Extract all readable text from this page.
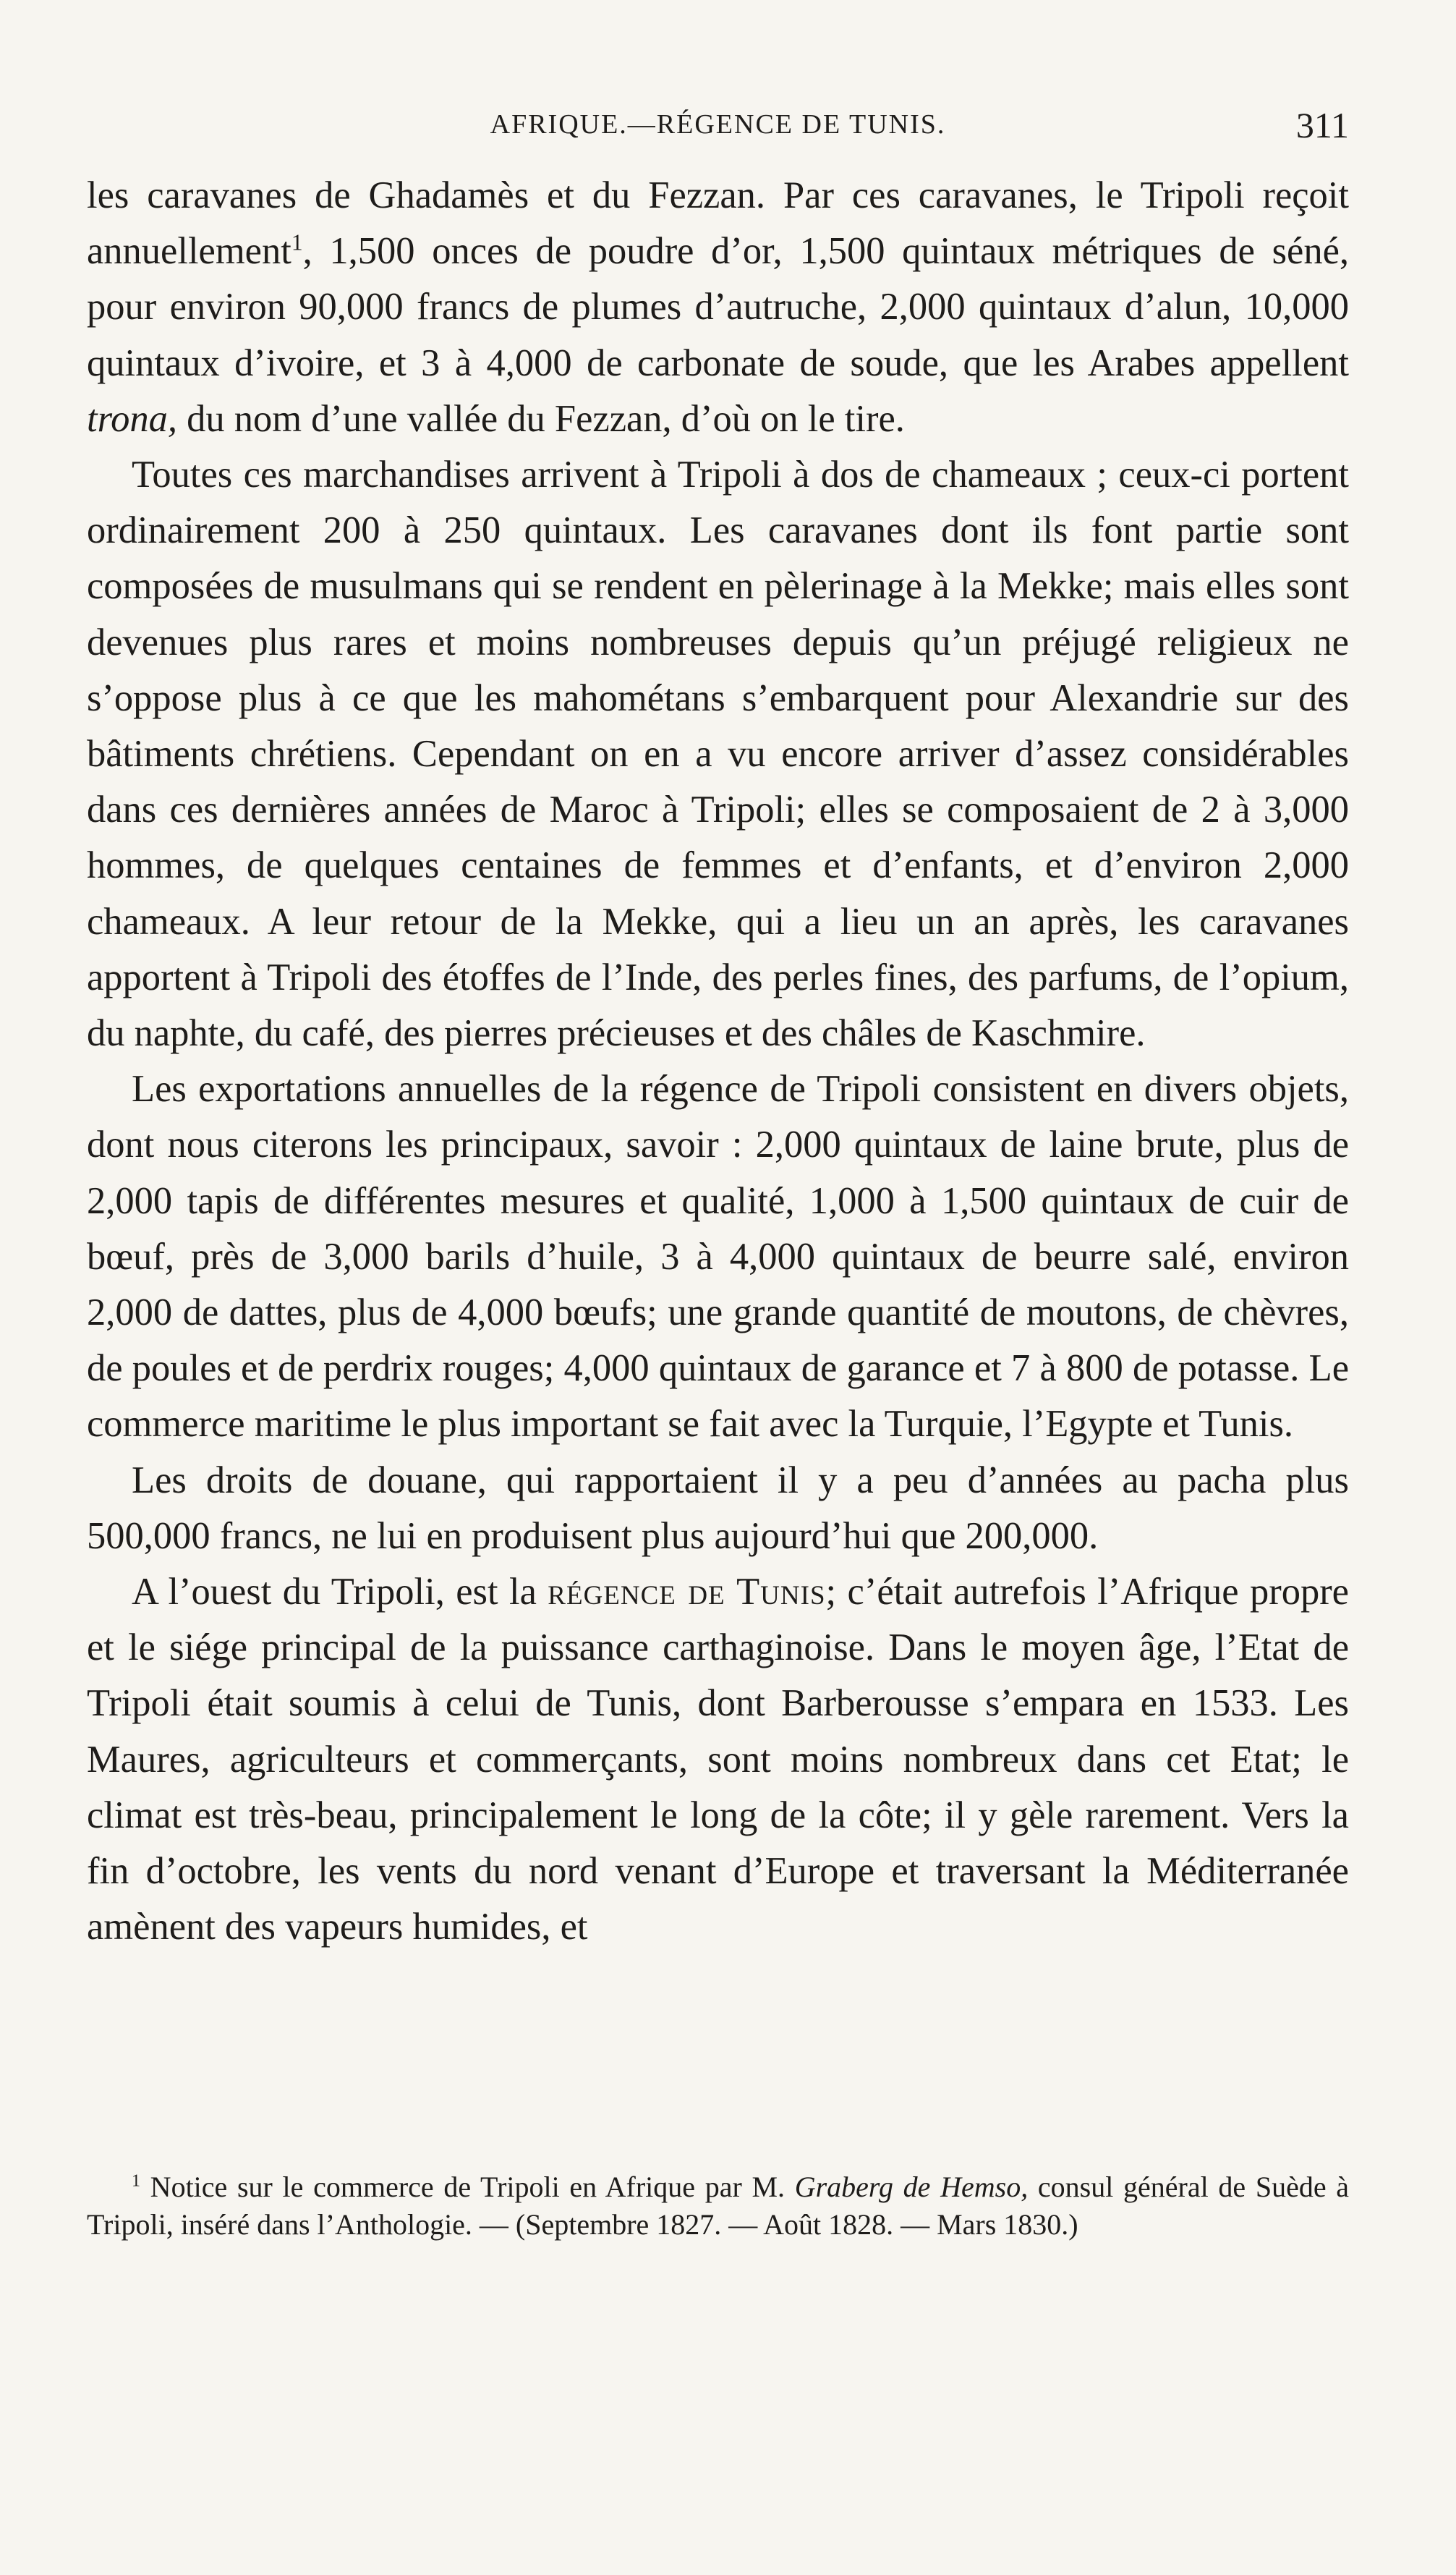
AFRIQUE.—RÉGENCE DE TUNIS.	311

les caravanes de Ghadamès et du Fezzan. Par ces caravanes, le Tripoli reçoit annuellement$^1$, 1,500 onces de poudre d’or, 1,500 quintaux métriques de séné, pour environ 90,000 francs de plumes d’autruche, 2,000 quintaux d’alun, 10,000 quintaux d’ivoire, et 3 à 4,000 de carbonate de soude, que les Arabes appellent trona, du nom d’une vallée du Fezzan, d’où on le tire.

Toutes ces marchandises arrivent à Tripoli à dos de chameaux ; ceux-ci portent ordinairement 200 à 250 quintaux. Les caravanes dont ils font partie sont composées de musulmans qui se rendent en pèlerinage à la Mekke; mais elles sont devenues plus rares et moins nombreuses depuis qu’un préjugé religieux ne s’oppose plus à ce que les mahométans s’embarquent pour Alexandrie sur des bâtiments chrétiens. Cependant on en a vu encore arriver d’assez considérables dans ces dernières années de Maroc à Tripoli; elles se composaient de 2 à 3,000 hommes, de quelques centaines de femmes et d’enfants, et d’environ 2,000 chameaux. A leur retour de la Mekke, qui a lieu un an après, les caravanes apportent à Tripoli des étoffes de l’Inde, des perles fines, des parfums, de l’opium, du naphte, du café, des pierres précieuses et des châles de Kaschmire.

Les exportations annuelles de la régence de Tripoli consistent en divers objets, dont nous citerons les principaux, savoir : 2,000 quintaux de laine brute, plus de 2,000 tapis de différentes mesures et qualité, 1,000 à 1,500 quintaux de cuir de bœuf, près de 3,000 barils d’huile, 3 à 4,000 quintaux de beurre salé, environ 2,000 de dattes, plus de 4,000 bœufs; une grande quantité de moutons, de chèvres, de poules et de perdrix rouges; 4,000 quintaux de garance et 7 à 800 de potasse. Le commerce maritime le plus important se fait avec la Turquie, l’Egypte et Tunis.

Les droits de douane, qui rapportaient il y a peu d’années au pacha plus 500,000 francs, ne lui en produisent plus aujourd’hui que 200,000.

A l’ouest du Tripoli, est la régence de Tunis; c’était autrefois l’Afrique propre et le siége principal de la puissance carthaginoise. Dans le moyen âge, l’Etat de Tripoli était soumis à celui de Tunis, dont Barberousse s’empara en 1533. Les Maures, agriculteurs et commerçants, sont moins nombreux dans cet Etat; le climat est très-beau, principalement le long de la côte; il y gèle rarement. Vers la fin d’octobre, les vents du nord venant d’Europe et traversant la Méditerranée amènent des vapeurs humides, et

$^1$ Notice sur le commerce de Tripoli en Afrique par M. Graberg de Hemso, consul général de Suède à Tripoli, inséré dans l’Anthologie. — (Septembre 1827. — Août 1828. — Mars 1830.)
